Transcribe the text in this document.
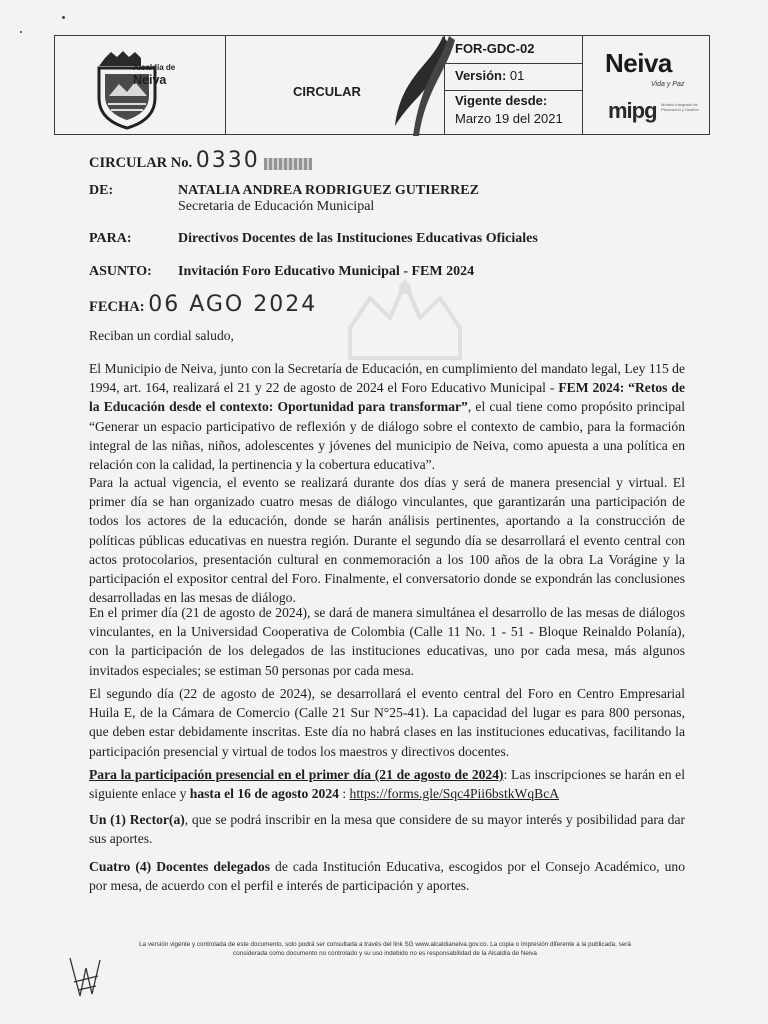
Alcaldía de
Neiva
CIRCULAR
FOR-GDC-02
Versión: 01
Vigente desde:
Marzo 19 del 2021
Neiva
Vida y Paz
mipg Modelo Integrado de Planeación y Gestión
CIRCULAR No. 0330
DE:	NATALIA ANDREA RODRIGUEZ GUTIERREZ
Secretaria de Educación Municipal
PARA:	Directivos Docentes de las Instituciones Educativas Oficiales
ASUNTO: Invitación Foro Educativo Municipal - FEM 2024
FECHA: 06 AGO 2024

Reciban un cordial saludo,

El Municipio de Neiva, junto con la Secretaría de Educación, en cumplimiento del mandato legal, Ley 115 de 1994, art. 164, realizará el 21 y 22 de agosto de 2024 el Foro Educativo Municipal - FEM 2024: “Retos de la Educación desde el contexto: Oportunidad para transformar”, el cual tiene como propósito principal “Generar un espacio participativo de reflexión y de diálogo sobre el contexto de cambio, para la formación integral de las niñas, niños, adolescentes y jóvenes del municipio de Neiva, como apuesta a una política en relación con la calidad, la pertinencia y la cobertura educativa”.

Para la actual vigencia, el evento se realizará durante dos días y será de manera presencial y virtual. El primer día se han organizado cuatro mesas de diálogo vinculantes, que garantizarán una participación de todos los actores de la educación, donde se harán análisis pertinentes, aportando a la construcción de políticas públicas educativas en nuestra región. Durante el segundo día se desarrollará el evento central con actos protocolarios, presentación cultural en conmemoración a los 100 años de la obra La Vorágine y la participación el expositor central del Foro. Finalmente, el conversatorio donde se expondrán las conclusiones desarrolladas en las mesas de diálogo.

En el primer día (21 de agosto de 2024), se dará de manera simultánea el desarrollo de las mesas de diálogos vinculantes, en la Universidad Cooperativa de Colombia (Calle 11 No. 1 - 51 - Bloque Reinaldo Polanía), con la participación de los delegados de las instituciones educativas, uno por cada mesa, más algunos invitados especiales; se estiman 50 personas por cada mesa.

El segundo día (22 de agosto de 2024), se desarrollará el evento central del Foro en Centro Empresarial Huila E, de la Cámara de Comercio (Calle 21 Sur N°25-41). La capacidad del lugar es para 800 personas, que deben estar debidamente inscritas. Este día no habrá clases en las instituciones educativas, facilitando la participación presencial y virtual de todos los maestros y directivos docentes.

Para la participación presencial en el primer día (21 de agosto de 2024): Las inscripciones se harán en el siguiente enlace y hasta el 16 de agosto 2024 : https://forms.gle/Sqc4Pii6bstkWqBcA

Un (1) Rector(a), que se podrá inscribir en la mesa que considere de su mayor interés y posibilidad para dar sus aportes.

Cuatro (4) Docentes delegados de cada Institución Educativa, escogidos por el Consejo Académico, uno por mesa, de acuerdo con el perfil e interés de participación y aportes.

La versión vigente y controlada de este documento, solo podrá ser consultada a través del link SG www.alcaldianeiva.gov.co. La copia o impresión diferente a la publicada, será
considerada como documento no controlado y su uso indebido no es responsabilidad de la Alcaldía de Neiva
